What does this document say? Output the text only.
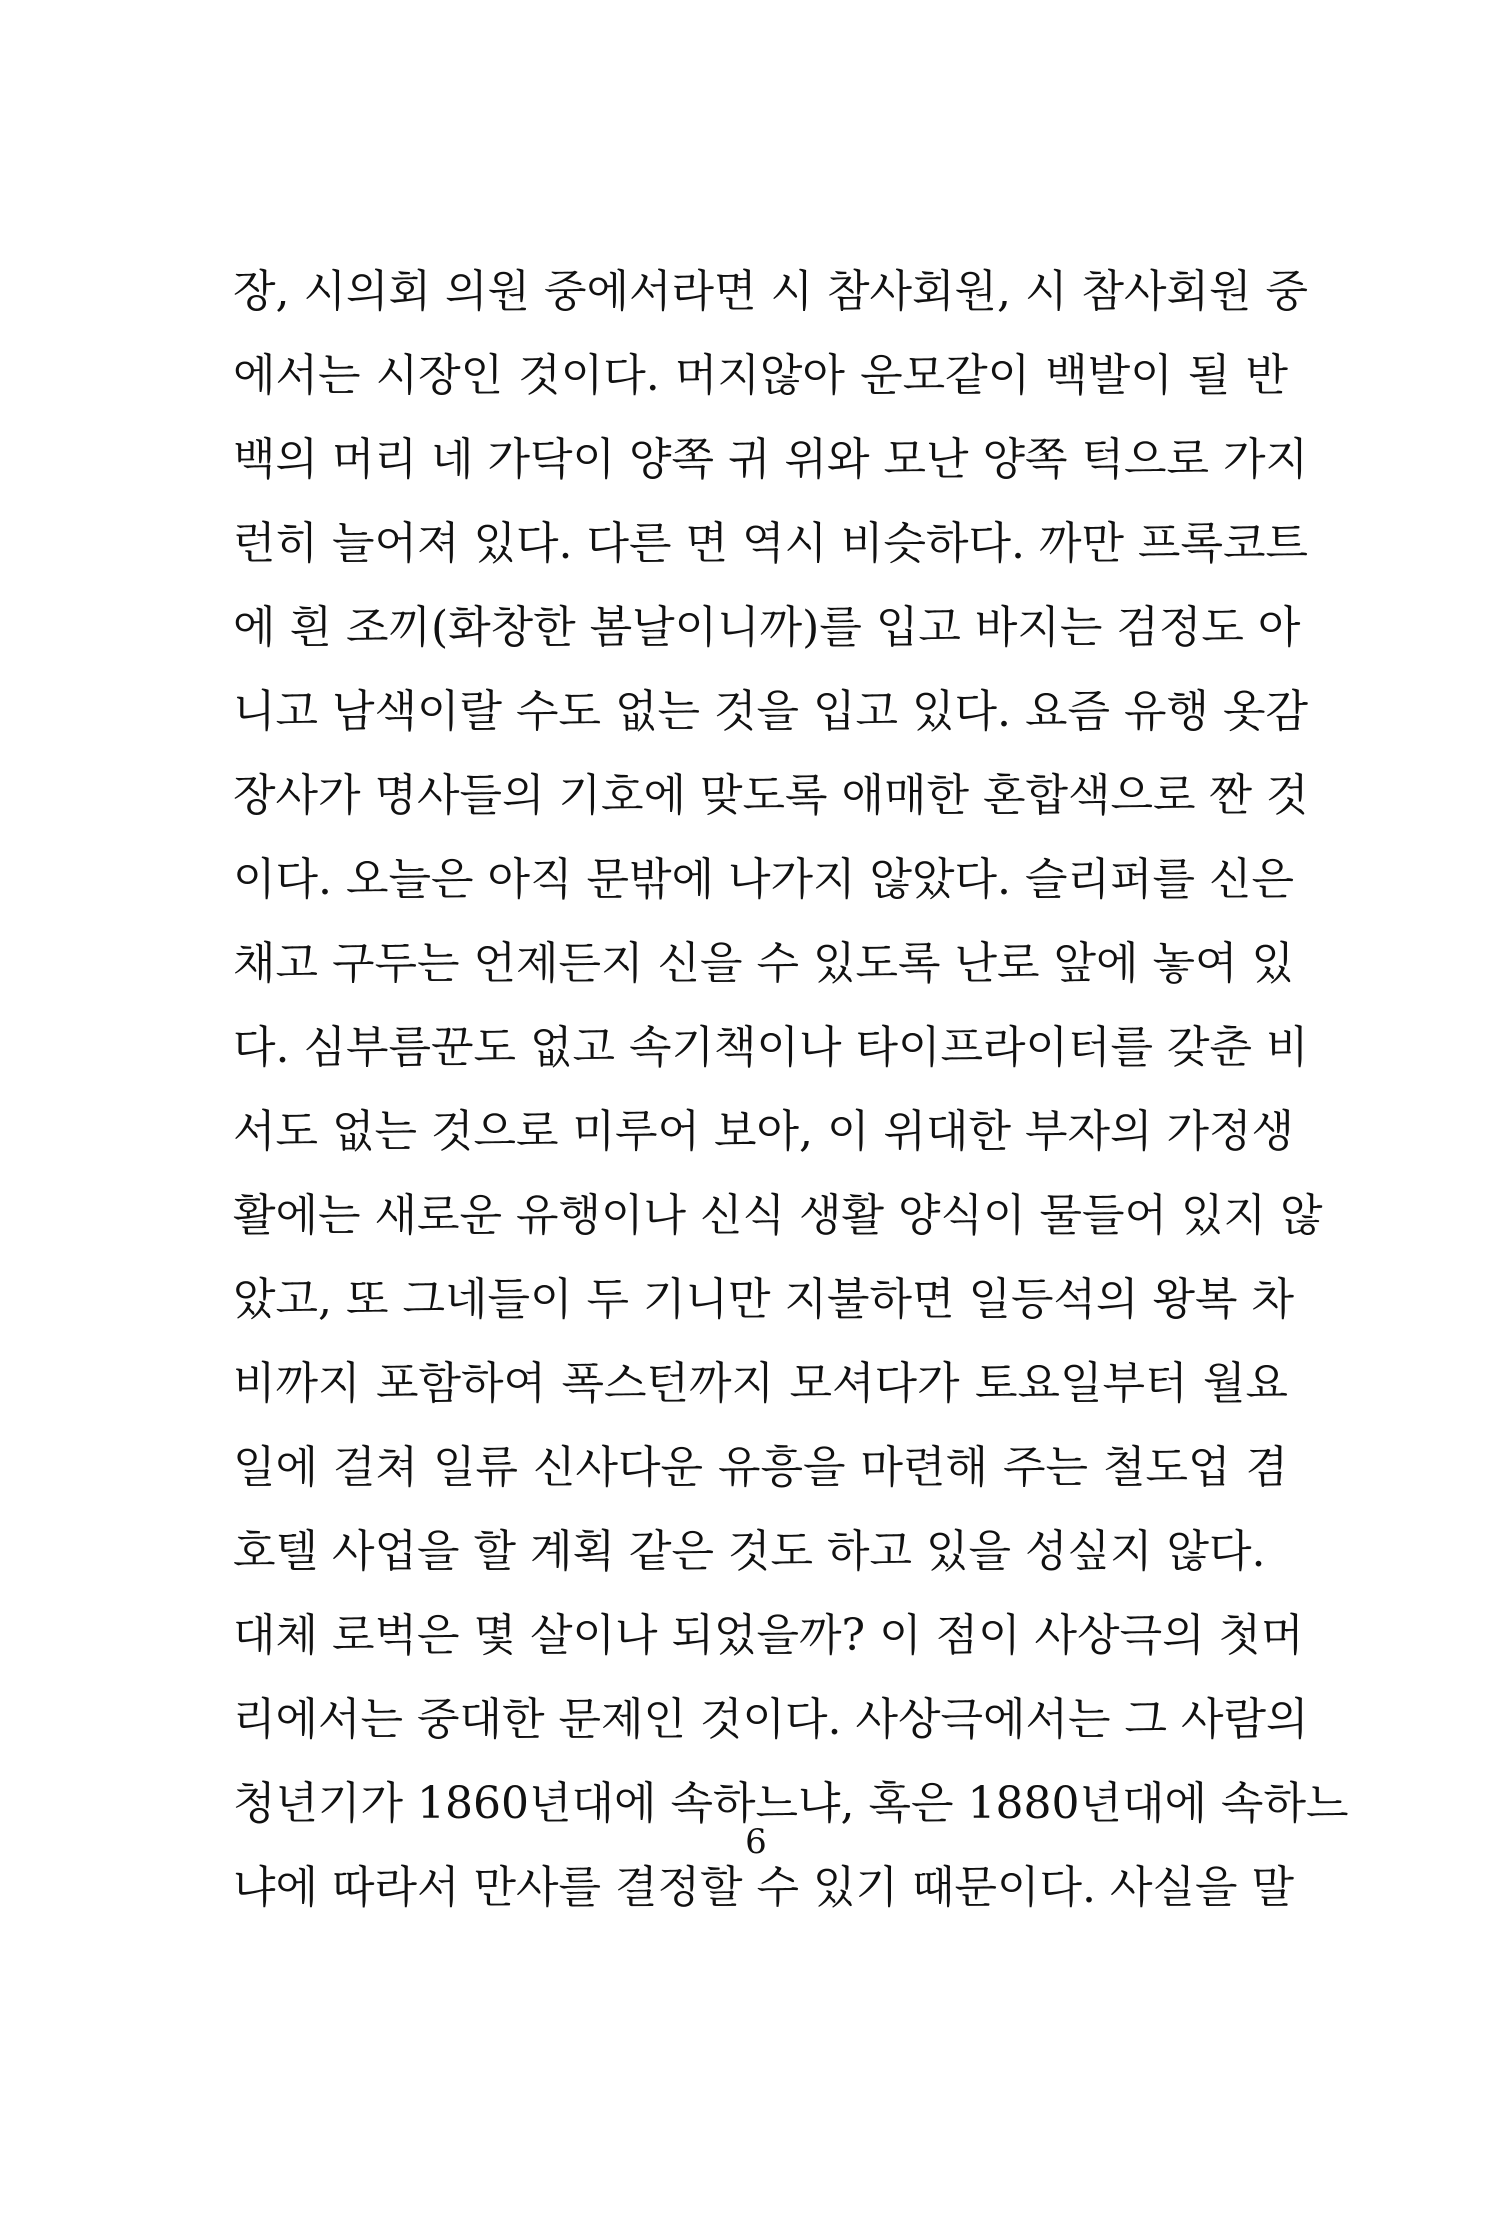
장, 시의회 의원 중에서라면 시 참사회원, 시 참사회원 중
에서는 시장인 것이다. 머지않아 운모같이 백발이 될 반
백의 머리 네 가닥이 양쪽 귀 위와 모난 양쪽 턱으로 가지
런히 늘어져 있다. 다른 면 역시 비슷하다. 까만 프록코트
에 흰 조끼(화창한 봄날이니까)를 입고 바지는 검정도 아
니고 남색이랄 수도 없는 것을 입고 있다. 요즘 유행 옷감
장사가 명사들의 기호에 맞도록 애매한 혼합색으로 짠 것
이다. 오늘은 아직 문밖에 나가지 않았다. 슬리퍼를 신은
채고 구두는 언제든지 신을 수 있도록 난로 앞에 놓여 있
다. 심부름꾼도 없고 속기책이나 타이프라이터를 갖춘 비
서도 없는 것으로 미루어 보아, 이 위대한 부자의 가정생
활에는 새로운 유행이나 신식 생활 양식이 물들어 있지 않
았고, 또 그네들이 두 기니만 지불하면 일등석의 왕복 차
비까지 포함하여 폭스턴까지 모셔다가 토요일부터 월요
일에 걸쳐 일류 신사다운 유흥을 마련해 주는 철도업 겸
호텔 사업을 할 계획 같은 것도 하고 있을 성싶지 않다.
대체 로벅은 몇 살이나 되었을까? 이 점이 사상극의 첫머
리에서는 중대한 문제인 것이다. 사상극에서는 그 사람의
청년기가 1860년대에 속하느냐, 혹은 1880년대에 속하느
냐에 따라서 만사를 결정할 수 있기 때문이다. 사실을 말
6
